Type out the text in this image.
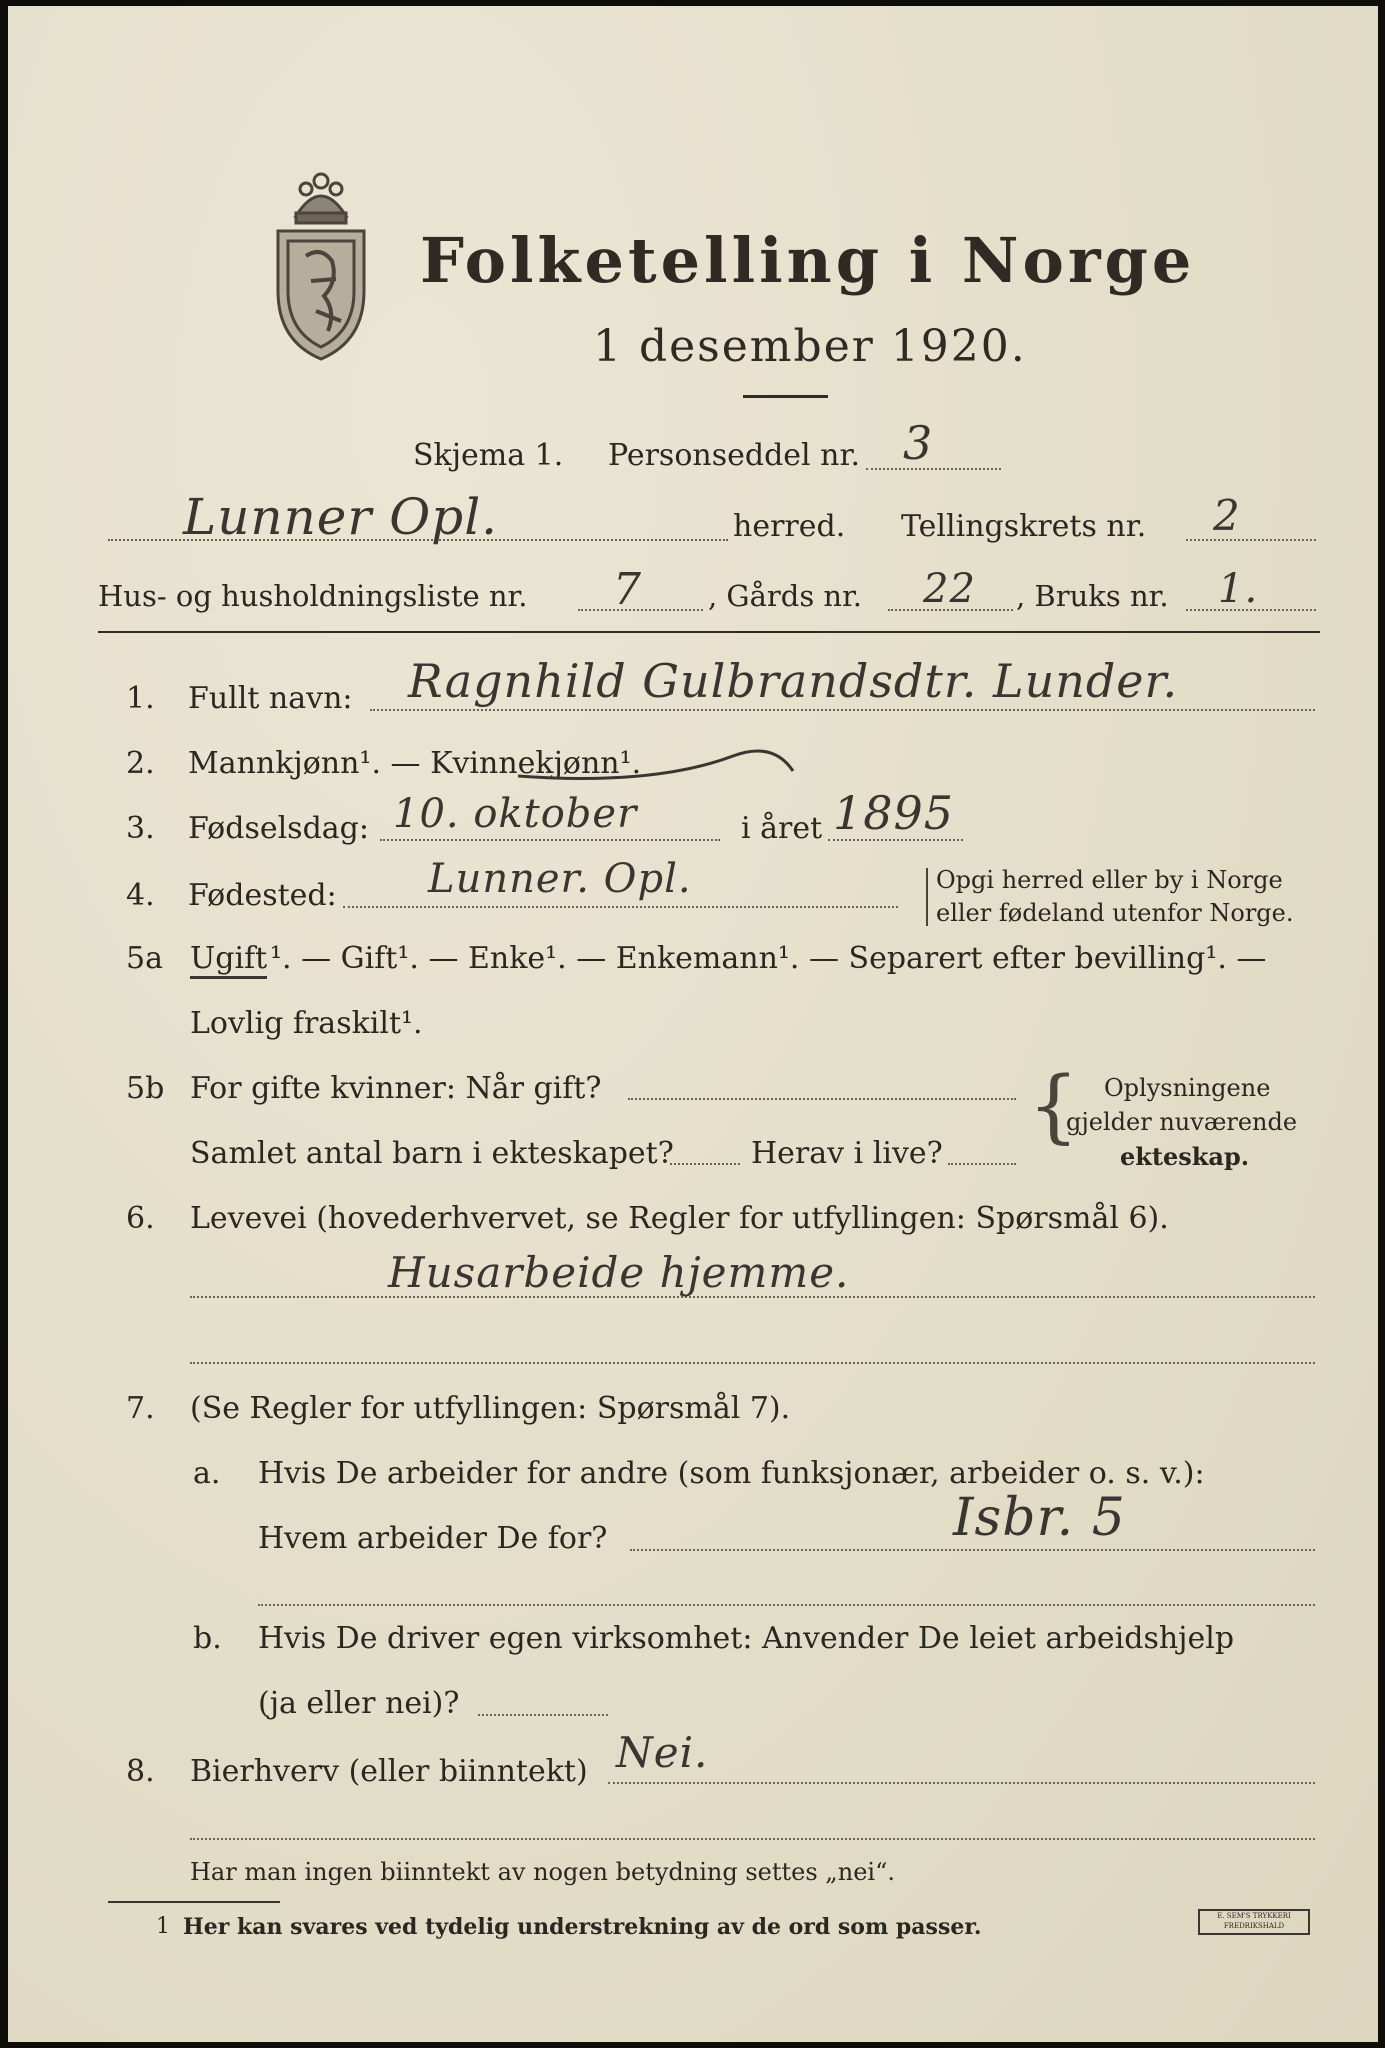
Folketelling i Norge
1 desember 1920.
Skjema 1. Personseddel nr. 3
Lunner Opl.	herred. Tellingskrets nr. 2
Hus- og husholdningsliste nr. 7 , Gårds nr. 22 , Bruks nr. 1.
1. Fullt navn: Ragnhild Gulbrandsdtr. Lunder.
2. Mannkjønn¹. — Kvinnekjønn¹.
3. Fødselsdag: 10. oktober	i året 1895
4. Fødested: Lunner. Opl.	Opgi herred eller by i Norge
eller fødeland utenfor Norge.
5a Ugift ¹. — Gift¹. — Enke¹. — Enkemann¹. — Separert efter bevilling¹. —
Lovlig fraskilt¹.
5b For gifte kvinner: Når gift?
Samlet antal barn i ekteskapet?	Herav i live?
{ Oplysningene
gjelder nuværende
ekteskap.
6. Levevei (hovederhvervet, se Regler for utfyllingen: Spørsmål 6).
Husarbeide hjemme.
7. (Se Regler for utfyllingen: Spørsmål 7).
a. Hvis De arbeider for andre (som funksjonær, arbeider o. s. v.):
Hvem arbeider De for?	Isbr. 5
b. Hvis De driver egen virksomhet: Anvender De leiet arbeidshjelp
(ja eller nei)?
8. Bierhverv (eller biinntekt) Nei.
Har man ingen biinntekt av nogen betydning settes „nei“.
1 Her kan svares ved tydelig understrekning av de ord som passer.	E. SEM'S TRYKKERI FREDRIKSHALD
